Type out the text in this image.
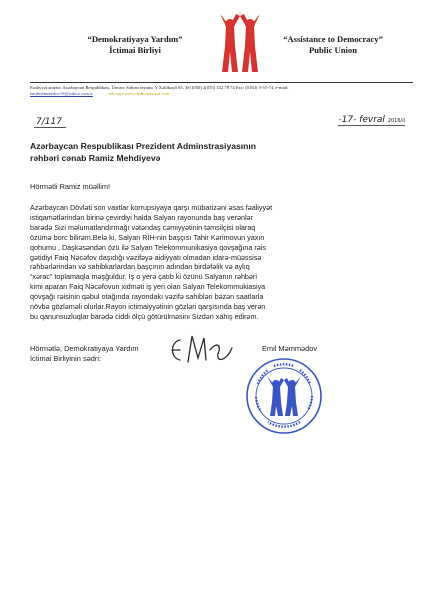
“Demokratiyaya Yardım”
İctimai Birliyi
“Assistance to Democracy”
Public Union
Fəaliyyət ərazisi: Azərbaycan Respublikası, Ünvan: Salyan rayonu, Y.Xəlilbəyli 65. Tel (050) 2(055) 332 78 74 Fax: (0163) 5-55-74, e-mail:
emilmemmedov19@yahoo.com.tr	veb sayt:www.dydb.azeriyat.com
7/117	-17- fevral 2016/il
Azərbaycan Respublikası Prezident Adminstrasiyasının
rəhbəri cənab Ramiz Mehdiyevə
Hörmətli Ramiz müəllim!
Azərbaycan Dövləti son vaxtlar korrupsiyaya qarşı mübarizəni əsas fəaliyyət
istiqamətlərindən birinə çevirdiyi halda Salyan rayonunda baş verənlər
barədə Sizi məlumatlandırmağı vətəndaş cəmiyyətinin təmsilçisi olaraq
özümə borc bilirəm.Belə ki, Salyan RİH-nin başçısı Tahir Kərimovun yaxın
qohumu , Daşkəsəndən özü ilə Salyan Telekommunikasiya qovşağına rəis
gətidiyi Faiq Nəcəfov daşıdığı vəzifəyə aidiyyatı olmadan idarə-müəssisə
rəhbərlərindən və sahibkarlardan başçının adından birdəfəlik və aylıq
“xərac” toplamaqla məşğuldur. İş o yerə çatıb ki özünü Salyanın rəhbəri
kimi aparan Faiq Nəcəfovun xidməti iş yeri olan Salyan Telekommukiasiya
qovşağı rəisinin qəbul otağında rayondakı vəzifə sahibləri bəzən saatlarla
növbə gözləməli olurlar.Rayon ictimaiyyətinin gözləri qarşısında baş verən
bu qanunsuzluqlar barədə ciddi ölçü götürülməsini Sizdən xahiş edirəm.
Hörmətlə, Demokratiyaya Yardım
İctimai Birliyinin sədri:
Emil Məmmədov
